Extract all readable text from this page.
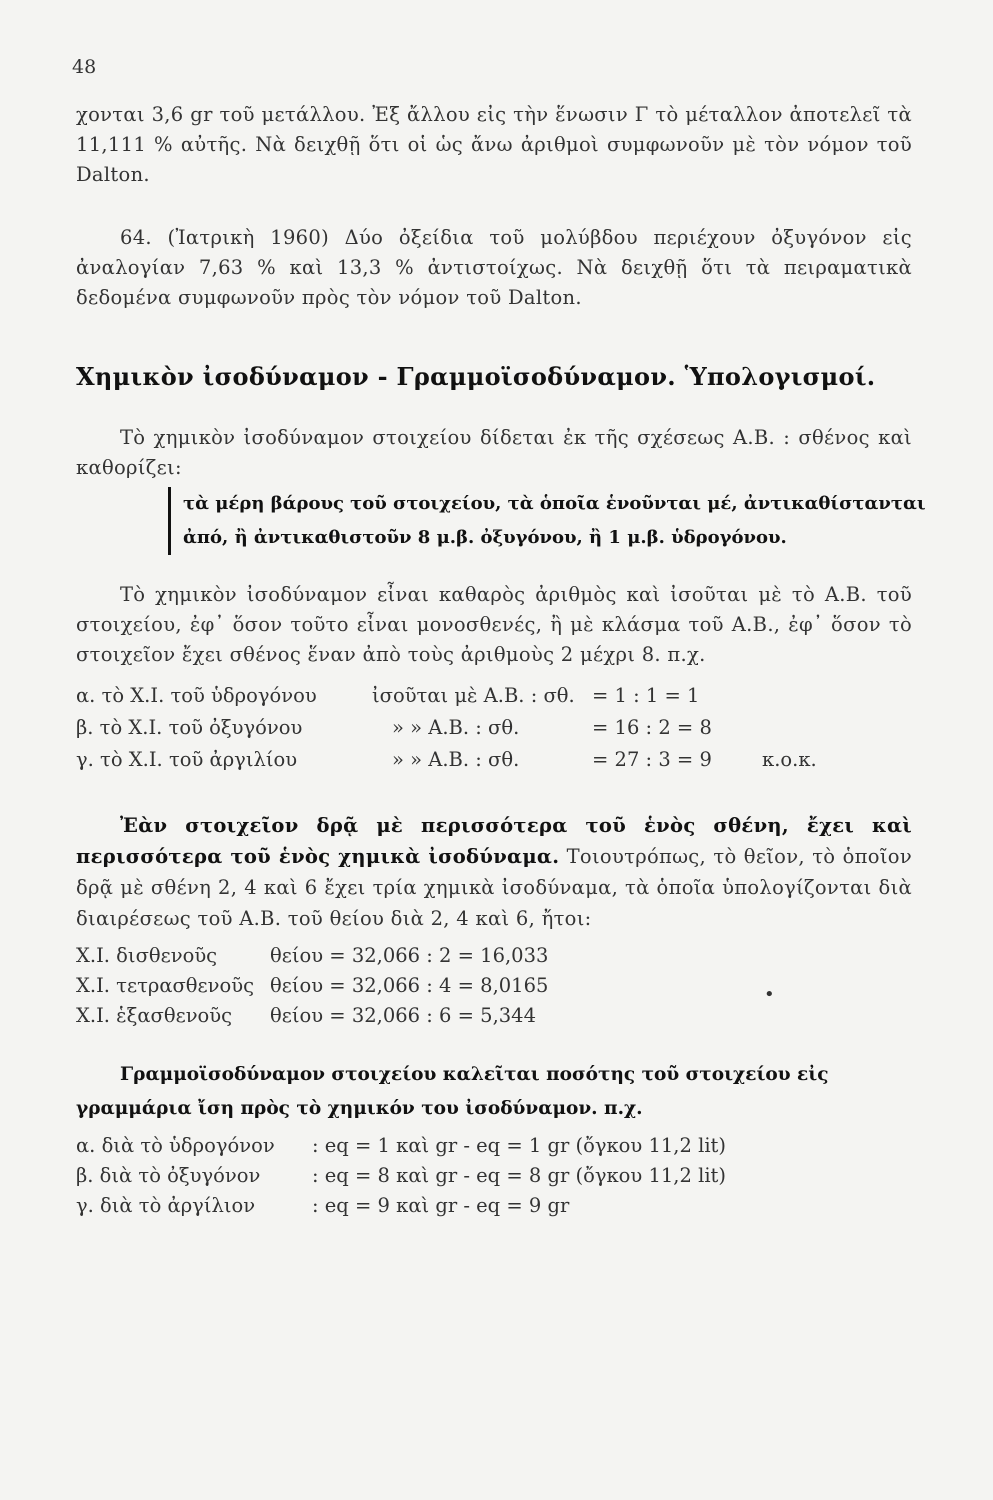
48

χονται 3,6 gr τοῦ μετάλλου. Ἐξ ἄλλου εἰς τὴν ἕνωσιν Γ τὸ μέταλλον ἀποτελεῖ τὰ 11,111 % αὐτῆς. Νὰ δειχθῇ ὅτι οἱ ὡς ἄνω ἀριθμοὶ συμφωνοῦν μὲ τὸν νόμον τοῦ Dalton.

64. (Ἰατρικὴ 1960) Δύο ὀξείδια τοῦ μολύβδου περιέχουν ὀξυγόνον εἰς ἀναλογίαν 7,63 % καὶ 13,3 % ἀντιστοίχως. Νὰ δειχθῇ ὅτι τὰ πειραματικὰ δεδομένα συμφωνοῦν πρὸς τὸν νόμον τοῦ Dalton.

Χημικὸν ἰσοδύναμον - Γραμμοϊσοδύναμον. Ὑπολογισμοί.

Τὸ χημικὸν ἰσοδύναμον στοιχείου δίδεται ἐκ τῆς σχέσεως Α.Β. : σθένος καὶ καθορίζει:

τὰ μέρη βάρους τοῦ στοιχείου, τὰ ὁποῖα ἑνοῦνται μέ, ἀντικαθίστανται ἀπό, ἢ ἀντικαθιστοῦν 8 μ.β. ὀξυγόνου, ἢ 1 μ.β. ὑδρογόνου.

Τὸ χημικὸν ἰσοδύναμον εἶναι καθαρὸς ἀριθμὸς καὶ ἰσοῦται μὲ τὸ Α.Β. τοῦ στοιχείου, ἐφ᾽ ὅσον τοῦτο εἶναι μονοσθενές, ἢ μὲ κλάσμα τοῦ Α.Β., ἐφ᾽ ὅσον τὸ στοιχεῖον ἔχει σθένος ἕναν ἀπὸ τοὺς ἀριθμοὺς 2 μέχρι 8. π.χ.

α. τὸ Χ.Ι. τοῦ ὑδρογόνου	ἰσοῦται μὲ Α.Β. : σθ. = 1 : 1 = 1
β. τὸ Χ.Ι. τοῦ ὀξυγόνου	» » Α.Β. : σθ.	= 16 : 2 = 8
γ. τὸ Χ.Ι. τοῦ ἀργιλίου	» » Α.Β. : σθ.	= 27 : 3 = 9	κ.ο.κ.

Ἐὰν στοιχεῖον δρᾷ μὲ περισσότερα τοῦ ἑνὸς σθένη, ἔχει καὶ περισσότερα τοῦ ἑνὸς χημικὰ ἰσοδύναμα. Τοιουτρόπως, τὸ θεῖον, τὸ ὁποῖον δρᾷ μὲ σθένη 2, 4 καὶ 6 ἔχει τρία χημικὰ ἰσοδύναμα, τὰ ὁποῖα ὑπολογίζονται διὰ διαιρέσεως τοῦ Α.Β. τοῦ θείου διὰ 2, 4 καὶ 6, ἤτοι:

Χ.Ι. δισθενοῦς	θείου = 32,066 : 2 = 16,033
Χ.Ι. τετρασθενοῦς θείου = 32,066 : 4 = 8,0165
Χ.Ι. ἑξασθενοῦς θείου = 32,066 : 6 = 5,344
•

Γραμμοϊσοδύναμον στοιχείου καλεῖται ποσότης τοῦ στοιχείου εἰς γραμμάρια ἴση πρὸς τὸ χημικόν του ἰσοδύναμον. π.χ.

α. διὰ τὸ ὑδρογόνον : eq = 1 καὶ gr - eq = 1 gr (ὄγκου 11,2 lit)
β. διὰ τὸ ὀξυγόνον	: eq = 8 καὶ gr - eq = 8 gr (ὄγκου 11,2 lit)
γ. διὰ τὸ ἀργίλιον	: eq = 9 καὶ gr - eq = 9 gr
